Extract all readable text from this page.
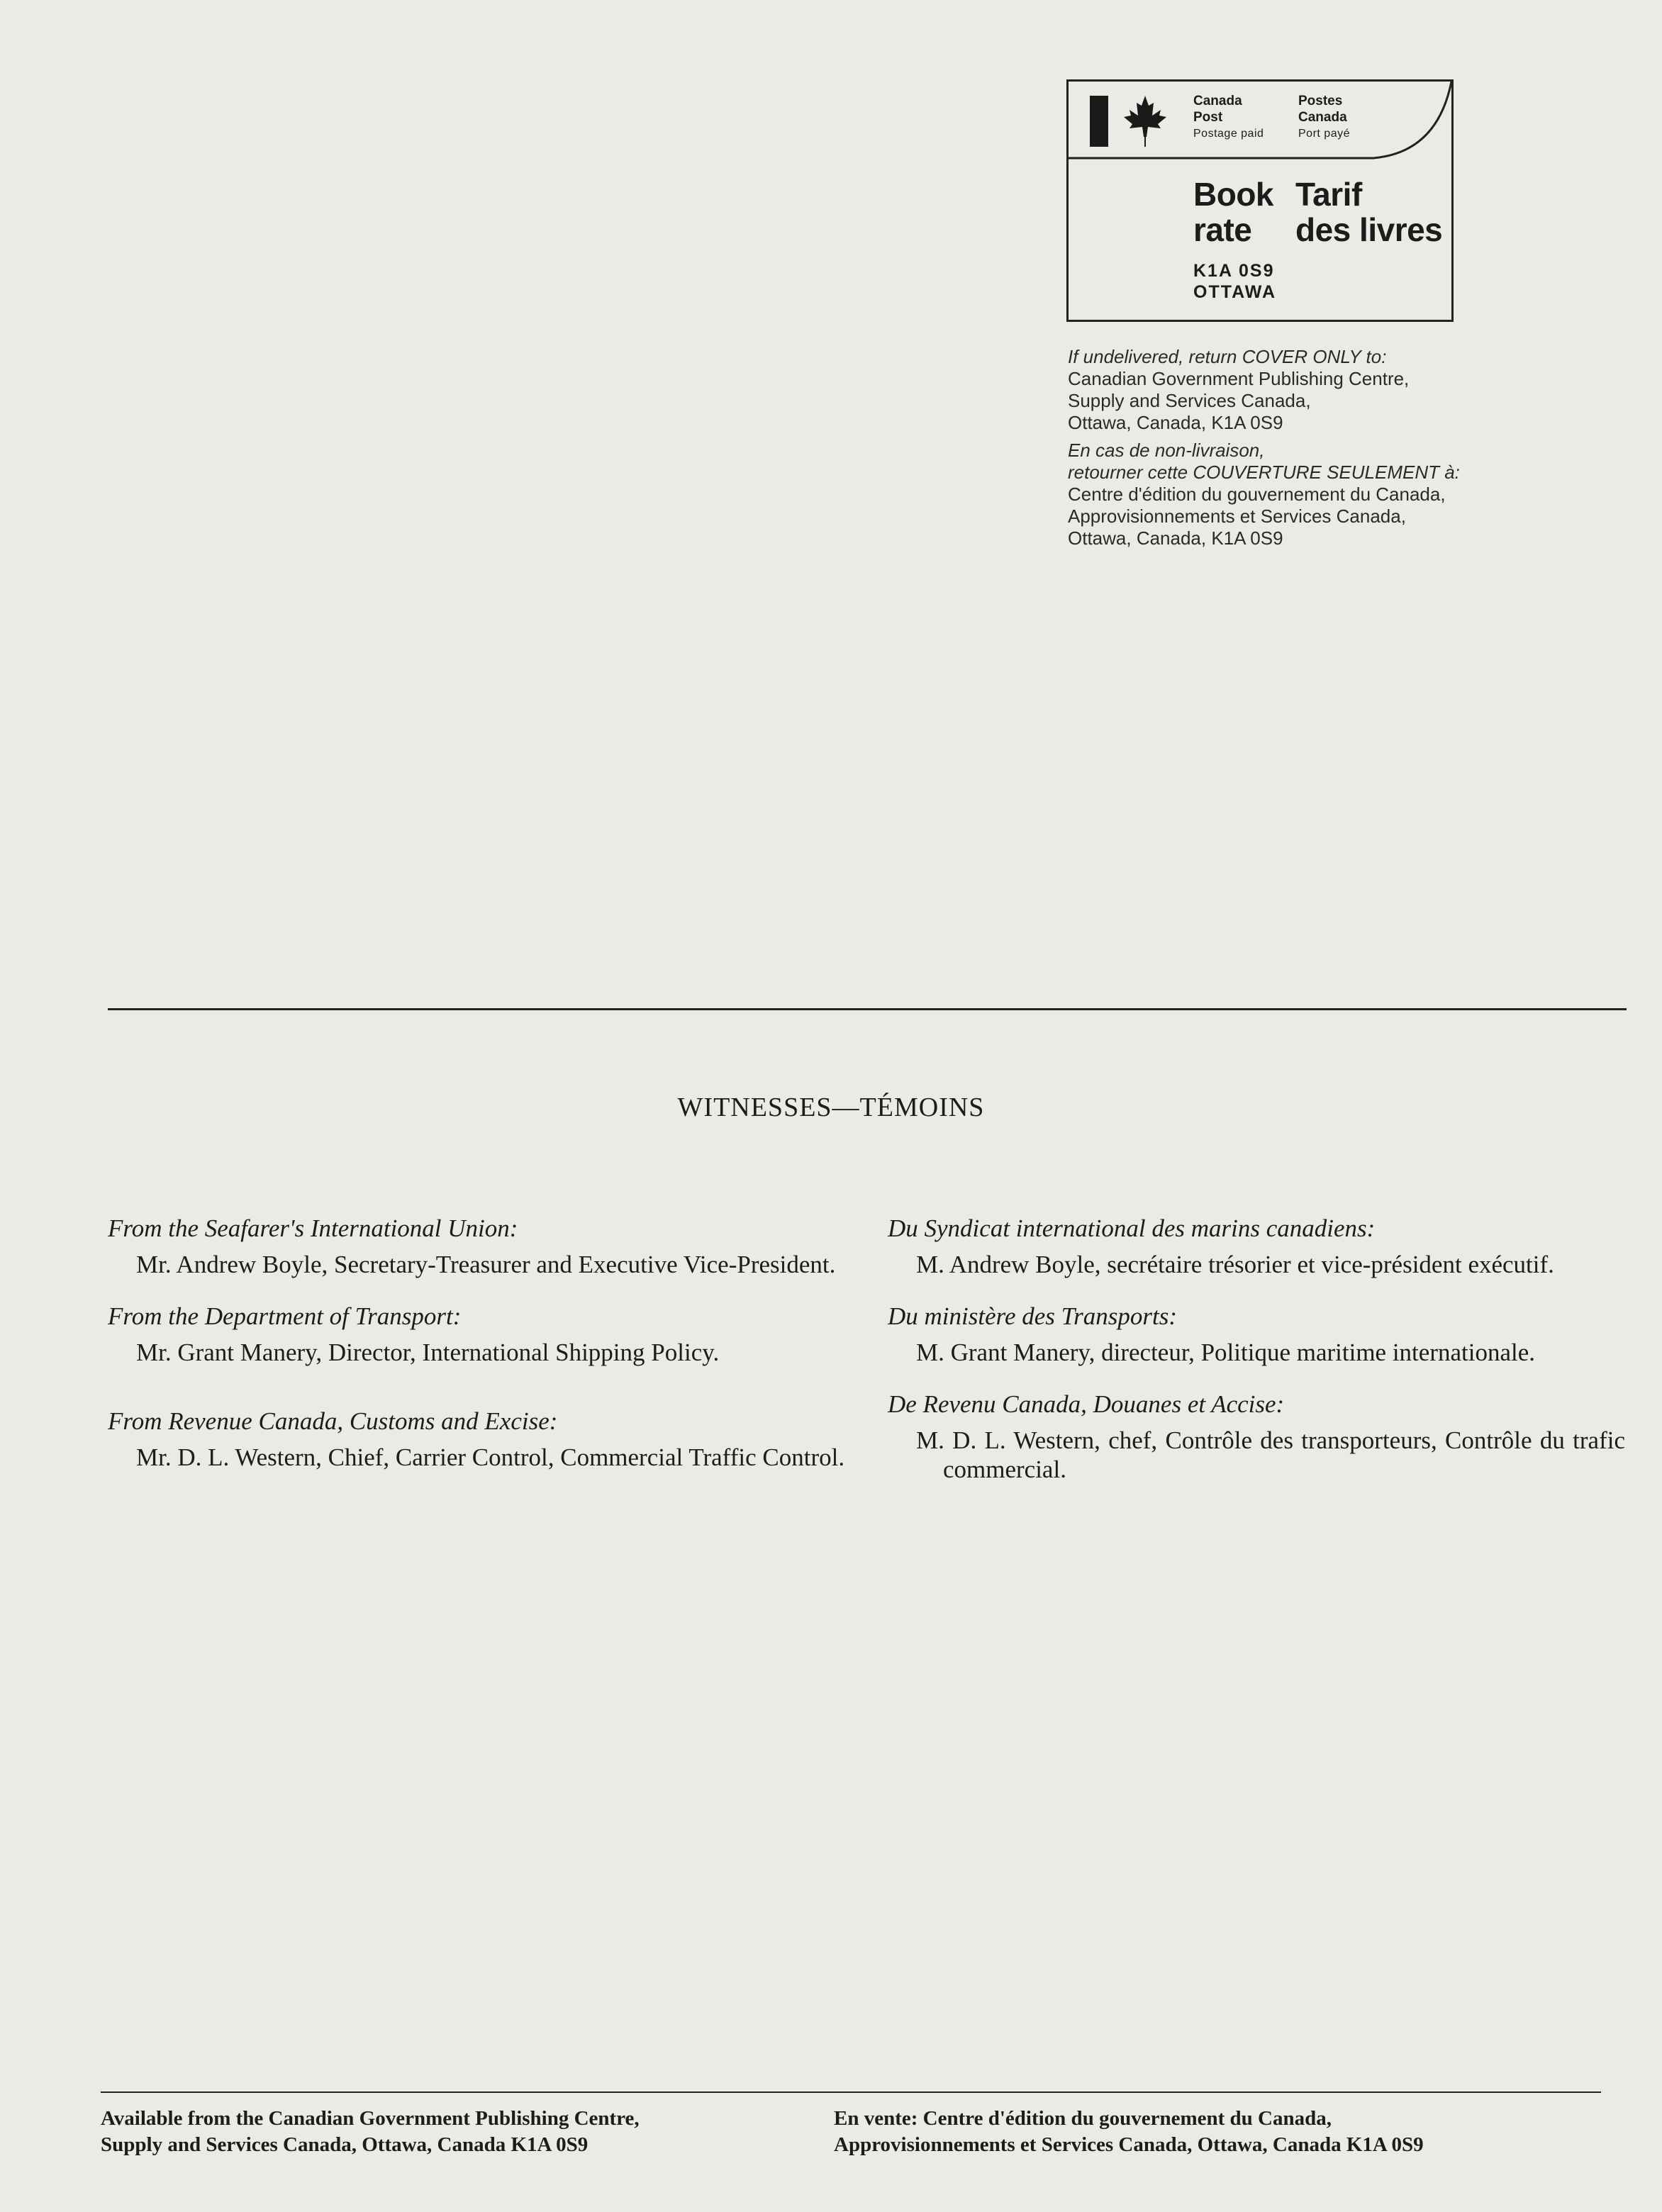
Canada
Post
Postage paid
Postes
Canada
Port payé
Book
rate
Tarif
des livres
K1A 0S9
OTTAWA
If undelivered, return COVER ONLY to:
Canadian Government Publishing Centre,
Supply and Services Canada,
Ottawa, Canada, K1A 0S9
En cas de non-livraison,
retourner cette COUVERTURE SEULEMENT à:
Centre d'édition du gouvernement du Canada,
Approvisionnements et Services Canada,
Ottawa, Canada, K1A 0S9
WITNESSES—TÉMOINS
From the Seafarer's International Union:
Mr. Andrew Boyle, Secretary-Treasurer and Executive Vice-President.
From the Department of Transport:
Mr. Grant Manery, Director, International Shipping Policy.
From Revenue Canada, Customs and Excise:
Mr. D. L. Western, Chief, Carrier Control, Commercial Traffic Control.
Du Syndicat international des marins canadiens:
M. Andrew Boyle, secrétaire trésorier et vice-président exécutif.
Du ministère des Transports:
M. Grant Manery, directeur, Politique maritime internationale.
De Revenu Canada, Douanes et Accise:
M. D. L. Western, chef, Contrôle des transporteurs, Contrôle du trafic commercial.
Available from the Canadian Government Publishing Centre,
Supply and Services Canada, Ottawa, Canada K1A 0S9
En vente: Centre d'édition du gouvernement du Canada,
Approvisionnements et Services Canada, Ottawa, Canada K1A 0S9
